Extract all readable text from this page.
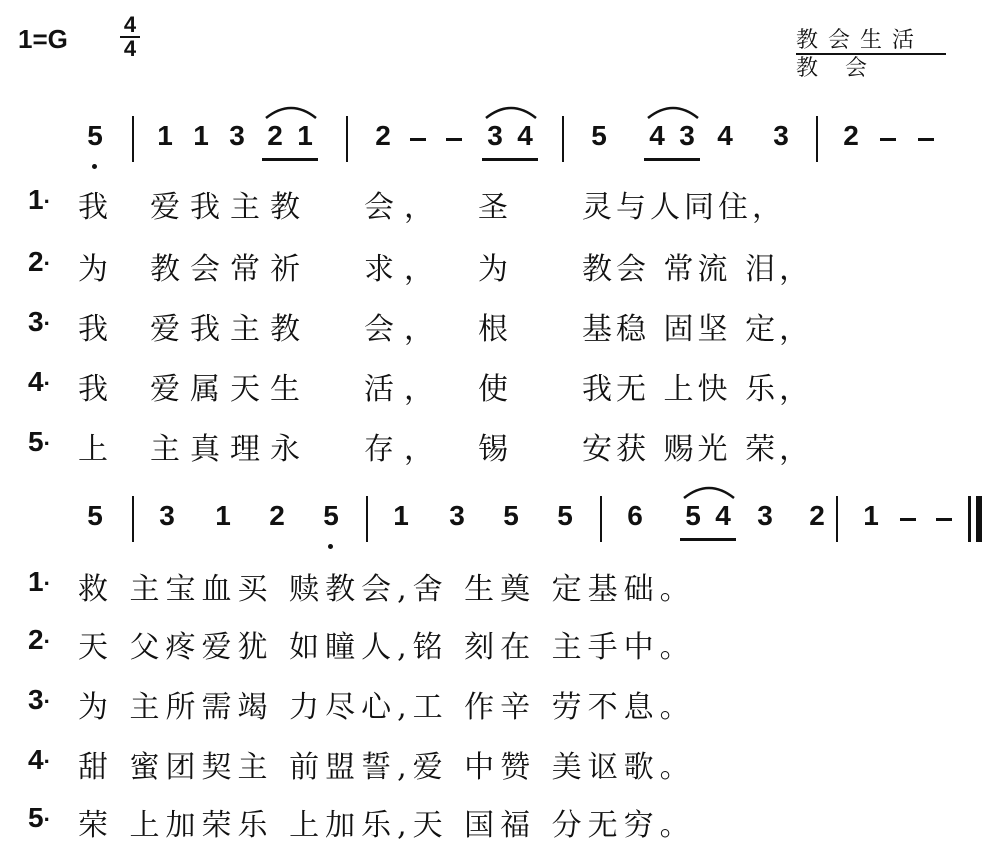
1=G	4
4	教会生活
教 会
5 1 1 3 2 1 2	3 4 5 4 3 4 3 2
1· 我 爱我主教 会， 圣 灵与人同住，
2· 为 教会常祈 求， 为 教会 常流 泪，
3· 我 爱我主教 会， 根 基稳 固坚 定，
4· 我 爱属天生 活， 使 我无 上快 乐，
5· 上 主真理永 存， 锡 安获 赐光 荣，
5 3 1 2 5 1 3 5 5 6 5 4 3 2 1
1· 救 主宝血买 赎教会,舍 生奠 定基础。
2· 天 父疼爱犹 如瞳人,铭 刻在 主手中。
3· 为 主所需竭 力尽心,工 作辛 劳不息。
4· 甜 蜜团契主 前盟誓,爱 中赞 美讴歌。
5· 荣 上加荣乐 上加乐,天 国福 分无穷。
